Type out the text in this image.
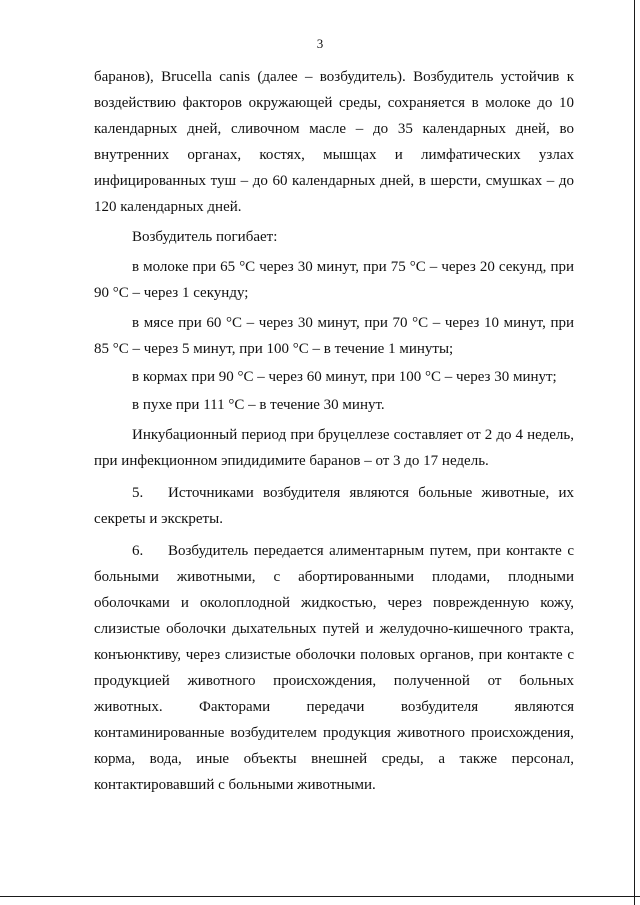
3

баранов), Brucella canis (далее – возбудитель). Возбудитель устойчив к воздействию факторов окружающей среды, сохраняется в молоке до 10 календарных дней, сливочном масле – до 35 календарных дней, во внутренних органах, костях, мышцах и лимфатических узлах инфицированных туш – до 60 календарных дней, в шерсти, смушках – до 120 календарных дней.

Возбудитель погибает:

в молоке при 65 °С через 30 минут, при 75 °С – через 20 секунд, при 90 °С – через 1 секунду;

в мясе при 60 °С – через 30 минут, при 70 °С – через 10 минут, при 85 °С – через 5 минут, при 100 °С – в течение 1 минуты;

в кормах при 90 °С – через 60 минут, при 100 °С – через 30 минут;

в пухе при 111 °С – в течение 30 минут.

Инкубационный период при бруцеллезе составляет от 2 до 4 недель, при инфекционном эпидидимите баранов – от 3 до 17 недель.

5. Источниками возбудителя являются больные животные, их секреты и экскреты.

6. Возбудитель передается алиментарным путем, при контакте с больными животными, с абортированными плодами, плодными оболочками и околоплодной жидкостью, через поврежденную кожу, слизистые оболочки дыхательных путей и желудочно-кишечного тракта, конъюнктиву, через слизистые оболочки половых органов, при контакте с продукцией животного происхождения, полученной от больных животных. Факторами передачи возбудителя являются контаминированные возбудителем продукция животного происхождения, корма, вода, иные объекты внешней среды, а также персонал, контактировавший с больными животными.
